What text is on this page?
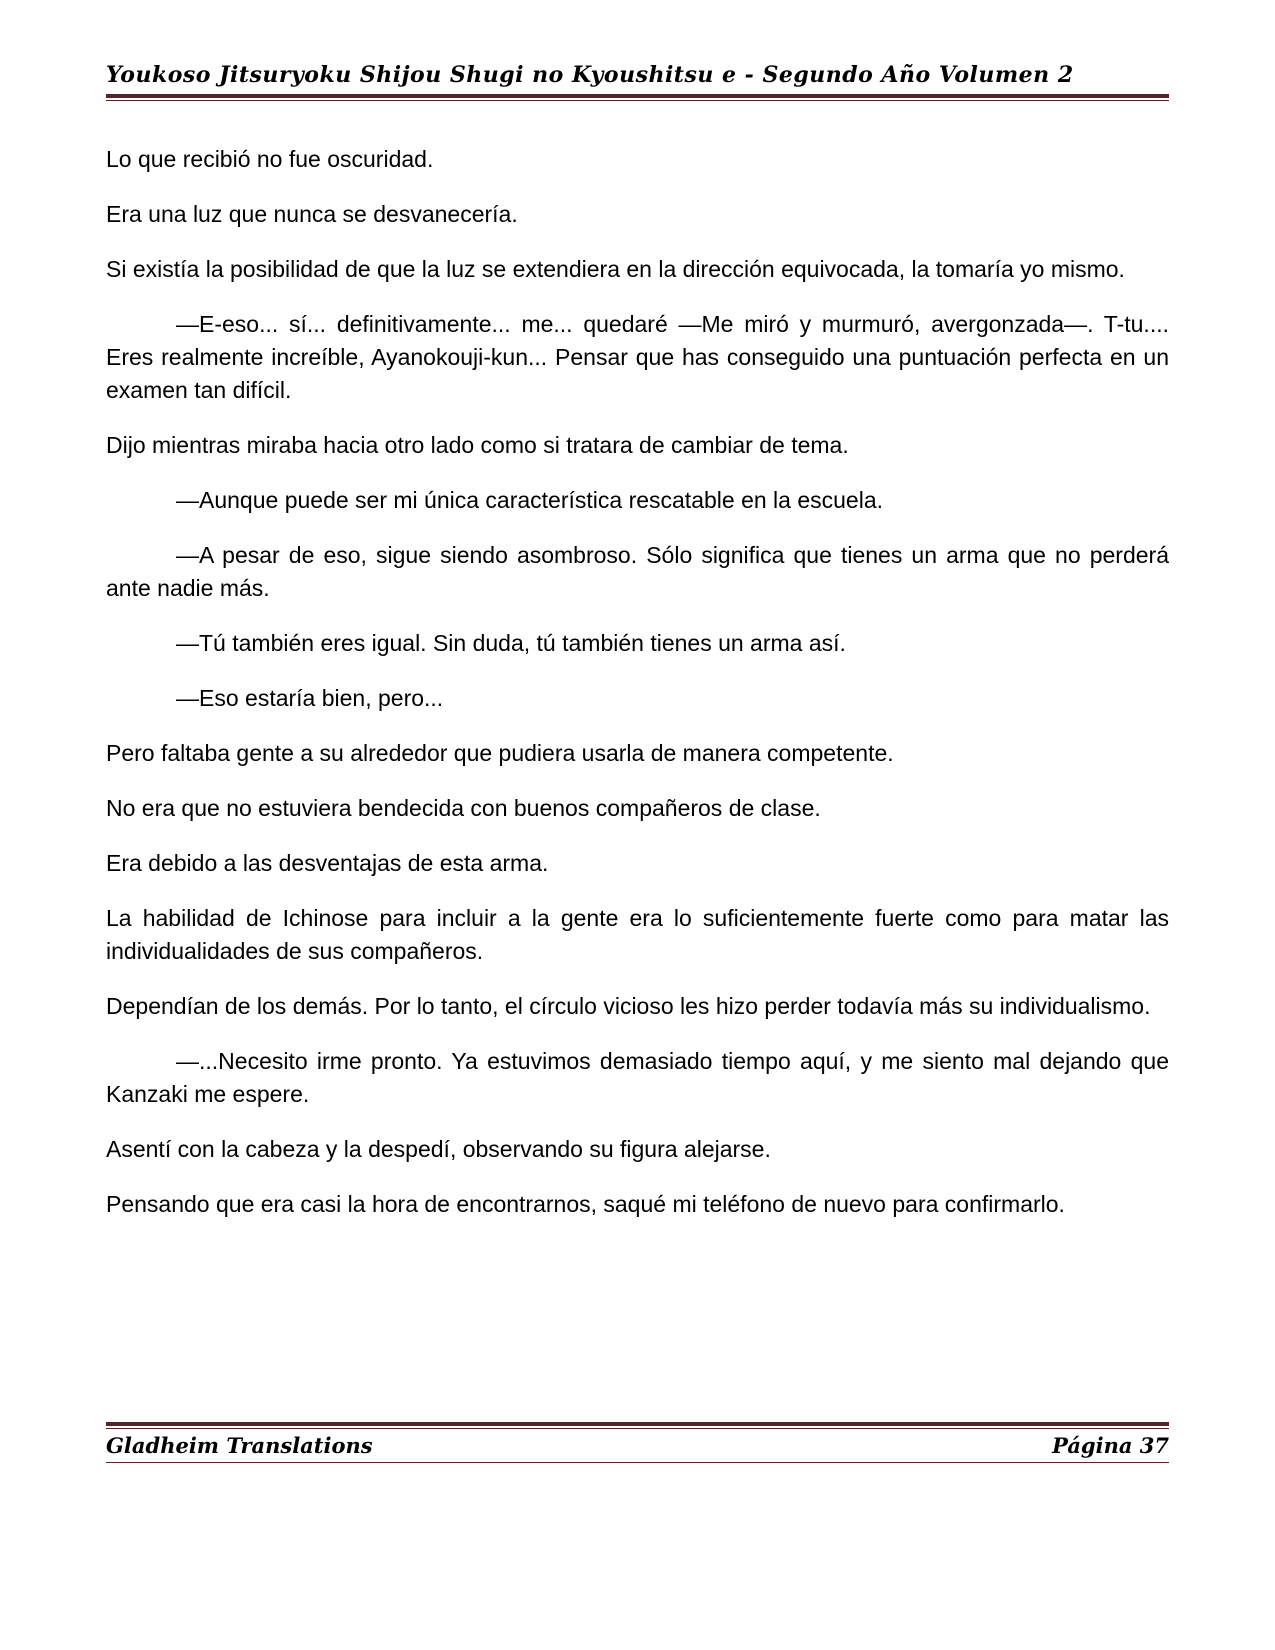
Youkoso Jitsuryoku Shijou Shugi no Kyoushitsu e - Segundo Año Volumen 2

Lo que recibió no fue oscuridad.

Era una luz que nunca se desvanecería.

Si existía la posibilidad de que la luz se extendiera en la dirección equivocada, la tomaría yo mismo.

—E-eso... sí... definitivamente... me... quedaré —Me miró y murmuró, avergonzada—. T-tu.... Eres realmente increíble, Ayanokouji-kun... Pensar que has conseguido una puntuación perfecta en un examen tan difícil.

Dijo mientras miraba hacia otro lado como si tratara de cambiar de tema.

—Aunque puede ser mi única característica rescatable en la escuela.

—A pesar de eso, sigue siendo asombroso. Sólo significa que tienes un arma que no perderá ante nadie más.

—Tú también eres igual. Sin duda, tú también tienes un arma así.

—Eso estaría bien, pero...

Pero faltaba gente a su alrededor que pudiera usarla de manera competente.

No era que no estuviera bendecida con buenos compañeros de clase.

Era debido a las desventajas de esta arma.

La habilidad de Ichinose para incluir a la gente era lo suficientemente fuerte como para matar las individualidades de sus compañeros.

Dependían de los demás. Por lo tanto, el círculo vicioso les hizo perder todavía más su individualismo.

—...Necesito irme pronto. Ya estuvimos demasiado tiempo aquí, y me siento mal dejando que Kanzaki me espere.

Asentí con la cabeza y la despedí, observando su figura alejarse.

Pensando que era casi la hora de encontrarnos, saqué mi teléfono de nuevo para confirmarlo.

Gladheim Translations	Página 37
